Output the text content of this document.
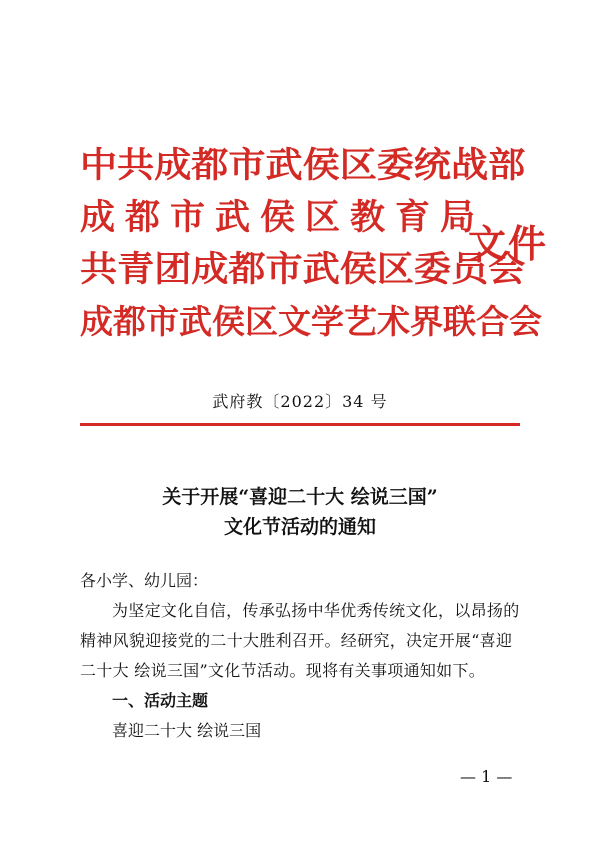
中共成都市武侯区委统战部
成都市武侯区教育局
共青团成都市武侯区委员会
成都市武侯区文学艺术界联合会
文件
武府教〔2022〕34 号
关于开展“喜迎二十大 绘说三国”
文化节活动的通知
各小学、幼儿园：
为坚定文化自信，传承弘扬中华优秀传统文化，以昂扬的精神风貌迎接党的二十大胜利召开。经研究，决定开展“喜迎二十大 绘说三国”文化节活动。现将有关事项通知如下。
一、活动主题
喜迎二十大 绘说三国
— 1 —
